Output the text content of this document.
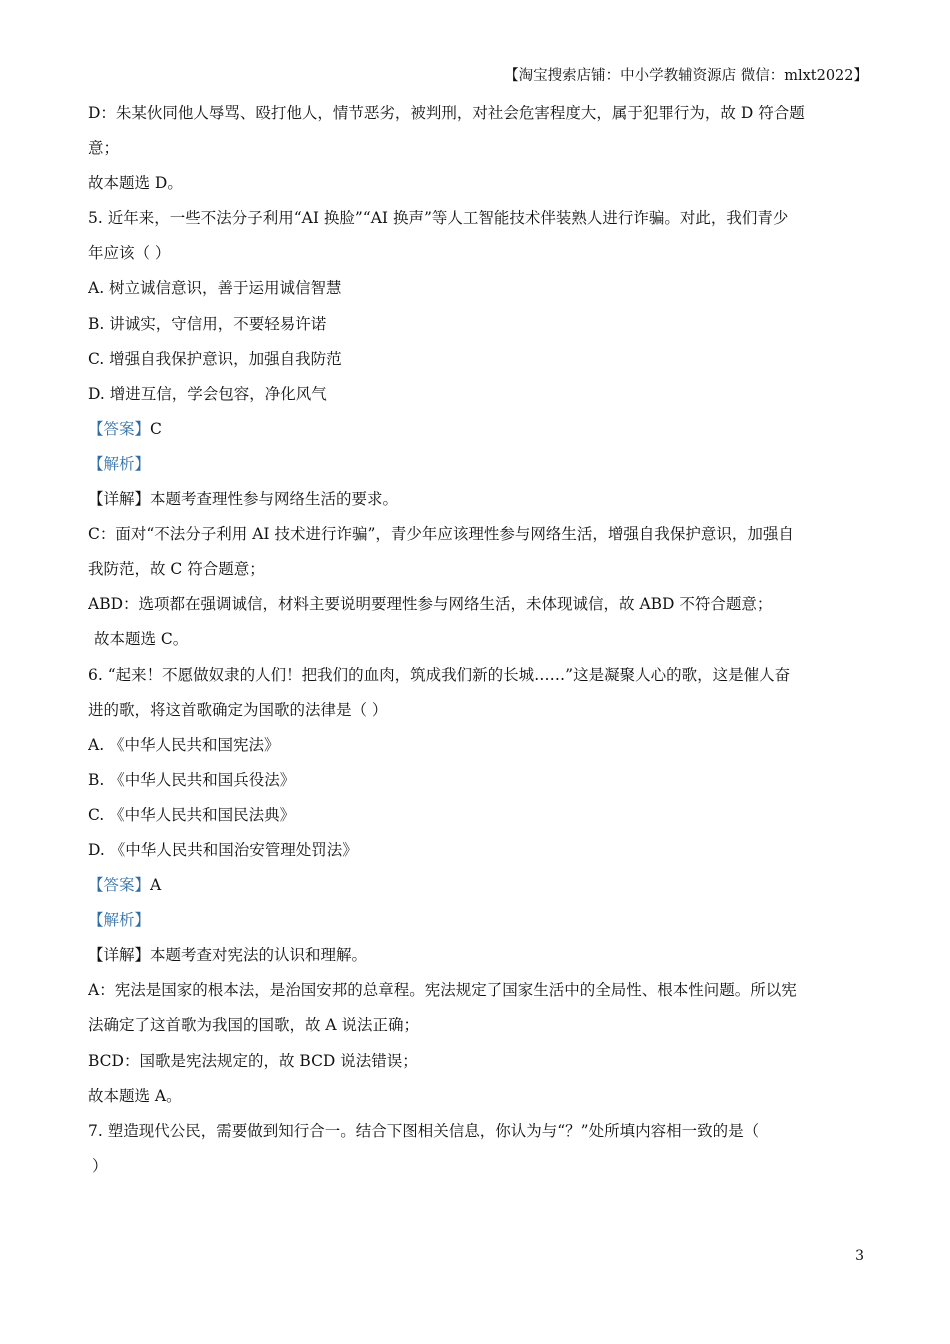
【淘宝搜索店铺：中小学教辅资源店 微信：mlxt2022】
D：朱某伙同他人辱骂、殴打他人，情节恶劣，被判刑，对社会危害程度大，属于犯罪行为，故 D 符合题
意；
故本题选 D。
5. 近年来，一些不法分子利用“AI 换脸”“AI 换声”等人工智能技术伴装熟人进行诈骗。对此，我们青少
年应该（ ）
A. 树立诚信意识，善于运用诚信智慧
B. 讲诚实，守信用，不要轻易许诺
C. 增强自我保护意识，加强自我防范
D. 增进互信，学会包容，净化风气
【答案】C
【解析】
【详解】本题考查理性参与网络生活的要求。
C：面对“不法分子利用 AI 技术进行诈骗”，青少年应该理性参与网络生活，增强自我保护意识，加强自
我防范，故 C 符合题意；
ABD：选项都在强调诚信，材料主要说明要理性参与网络生活，未体现诚信，故 ABD 不符合题意；
故本题选 C。
6. “起来！不愿做奴隶的人们！把我们的血肉，筑成我们新的长城……”这是凝聚人心的歌，这是催人奋
进的歌，将这首歌确定为国歌的法律是（ ）
A. 《中华人民共和国宪法》
B. 《中华人民共和国兵役法》
C. 《中华人民共和国民法典》
D. 《中华人民共和国治安管理处罚法》
【答案】A
【解析】
【详解】本题考查对宪法的认识和理解。
A：宪法是国家的根本法，是治国安邦的总章程。宪法规定了国家生活中的全局性、根本性问题。所以宪
法确定了这首歌为我国的国歌，故 A 说法正确；
BCD：国歌是宪法规定的，故 BCD 说法错误；
故本题选 A。
7. 塑造现代公民，需要做到知行合一。结合下图相关信息，你认为与“？”处所填内容相一致的是（
）
3
